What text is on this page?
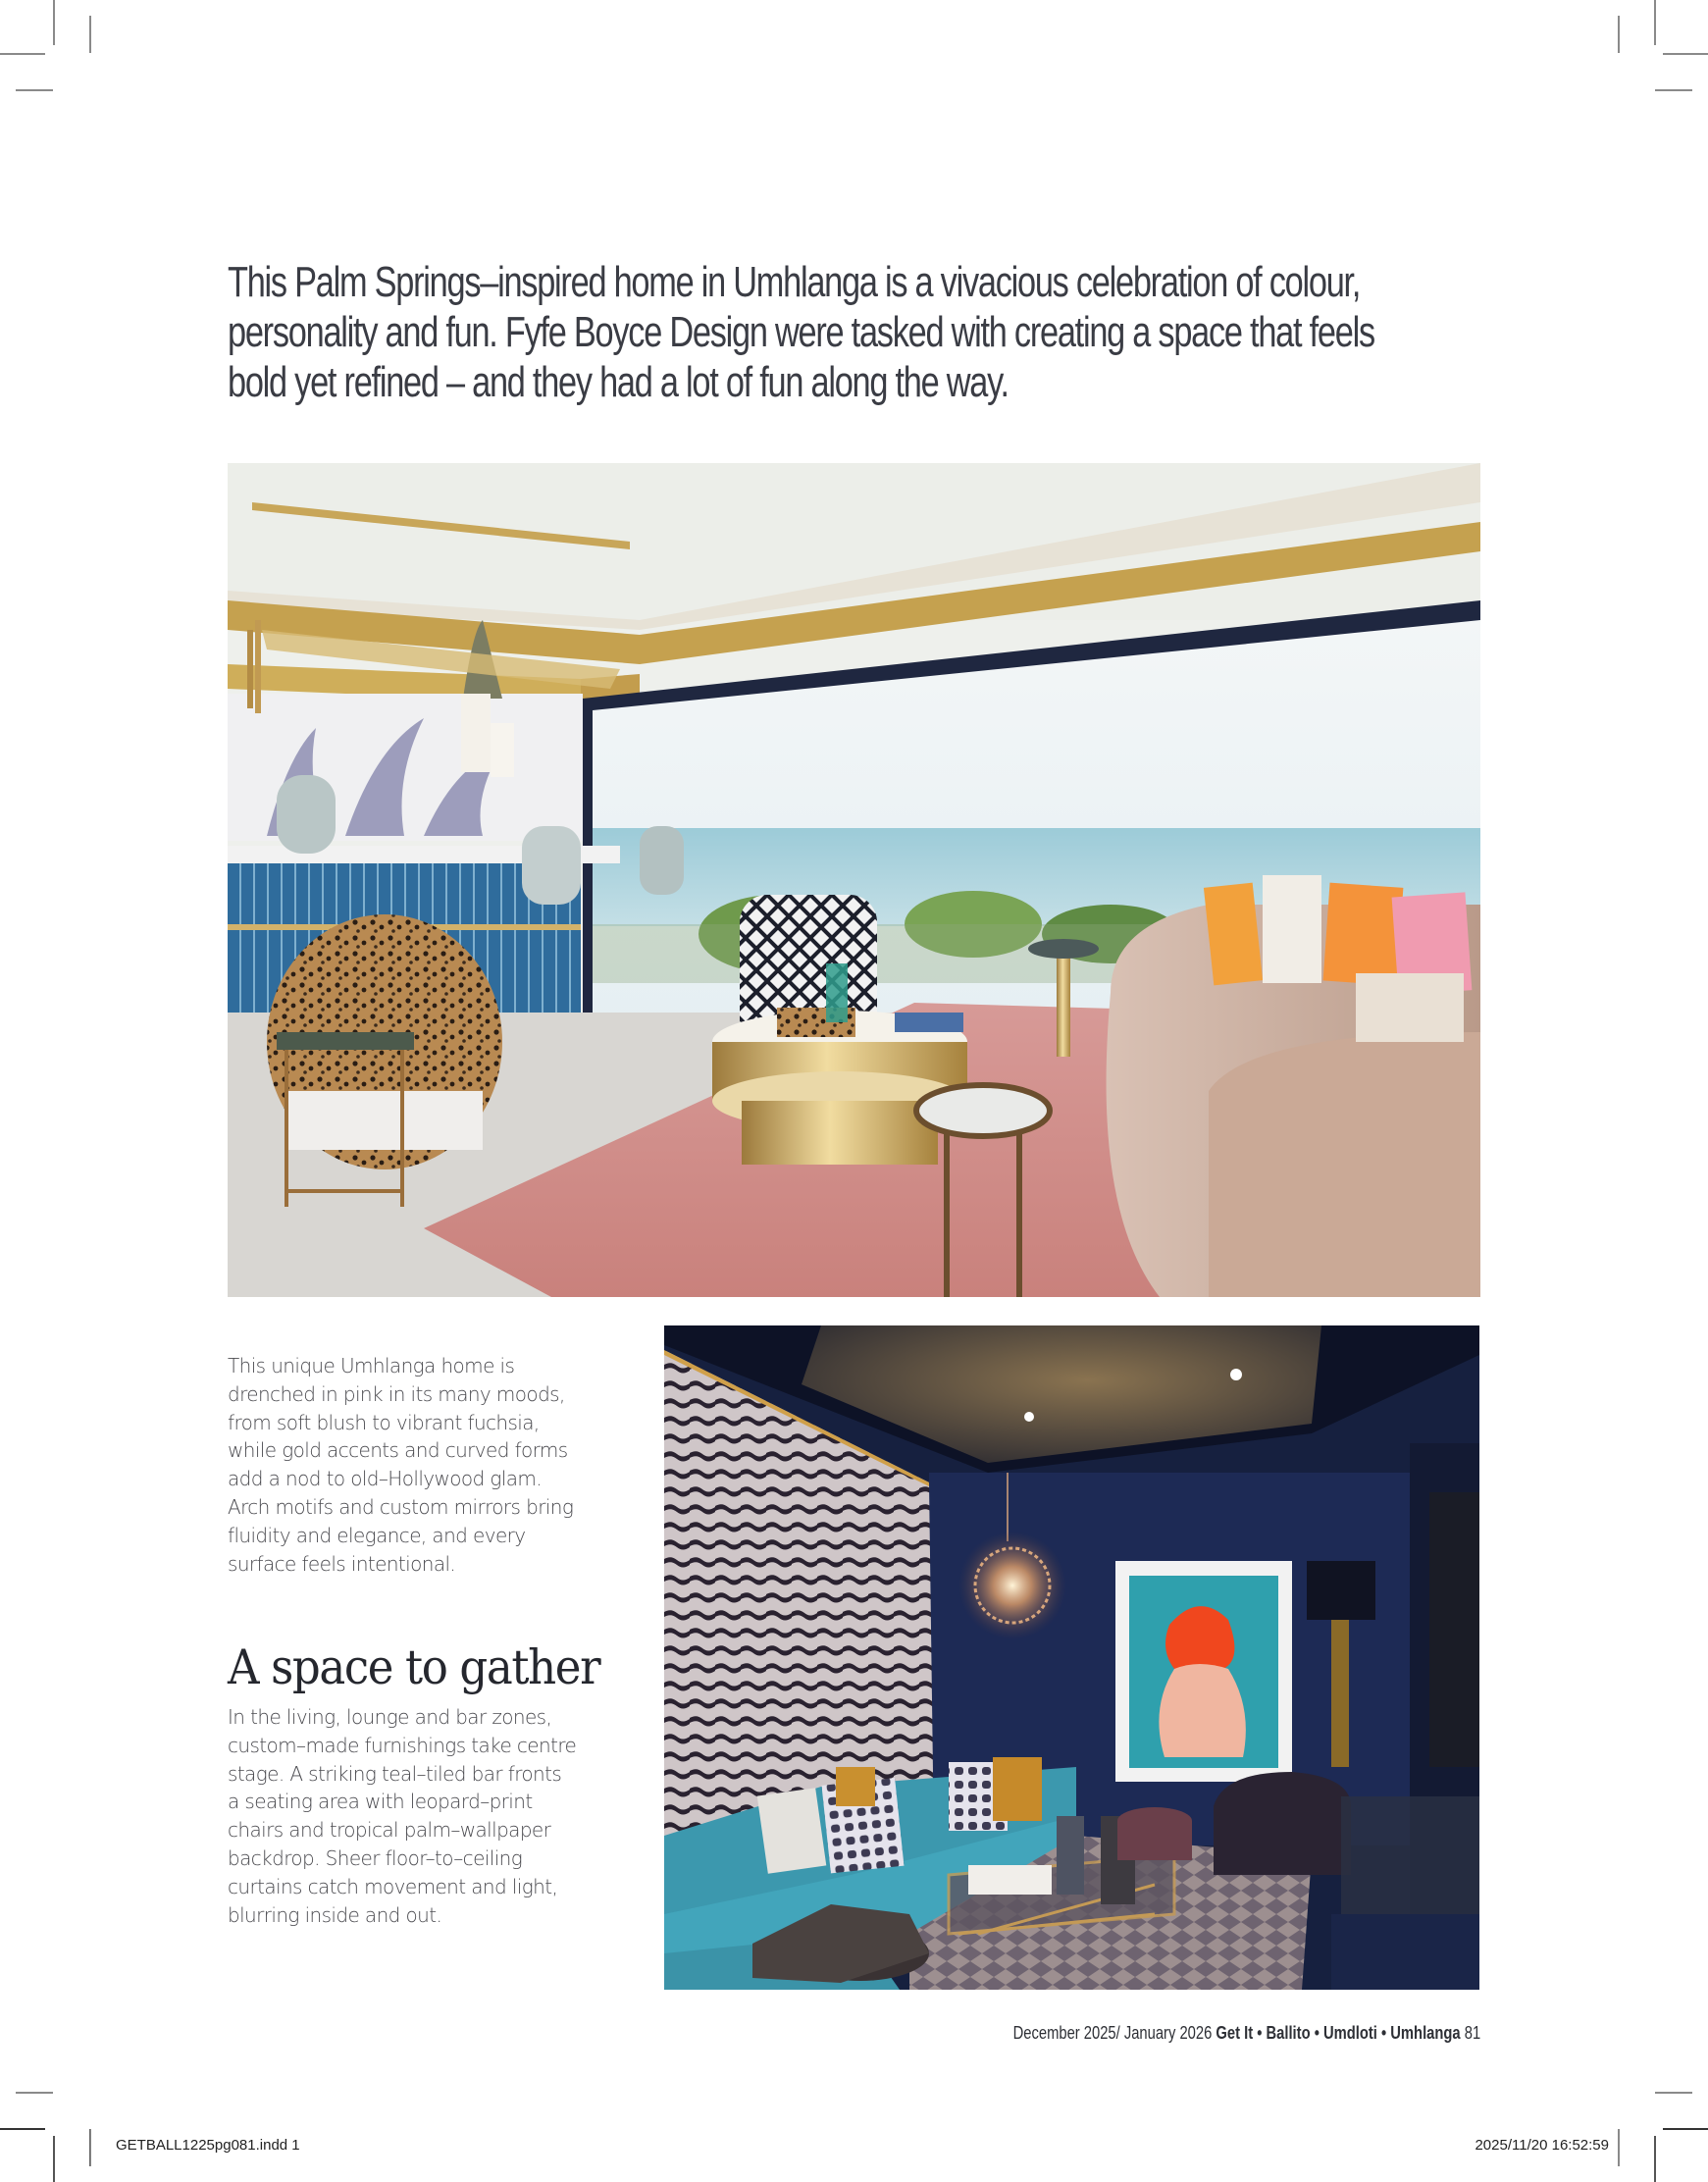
This Palm Springs–inspired home in Umhlanga is a vivacious celebration of colour,
personality and fun. Fyfe Boyce Design were tasked with creating a space that feels
bold yet refined – and they had a lot of fun along the way.
This unique Umhlanga home is
drenched in pink in its many moods,
from soft blush to vibrant fuchsia,
while gold accents and curved forms
add a nod to old–Hollywood glam.
Arch motifs and custom mirrors bring
fluidity and elegance, and every
surface feels intentional.
A space to gather
In the living, lounge and bar zones,
custom–made furnishings take centre
stage. A striking teal–tiled bar fronts
a seating area with leopard–print
chairs and tropical palm–wallpaper
backdrop. Sheer floor–to–ceiling
curtains catch movement and light,
blurring inside and out.
December 2025/ January 2026 Get It • Ballito • Umdloti • Umhlanga 81
GETBALL1225pg081.indd 1	2025/11/20 16:52:59
